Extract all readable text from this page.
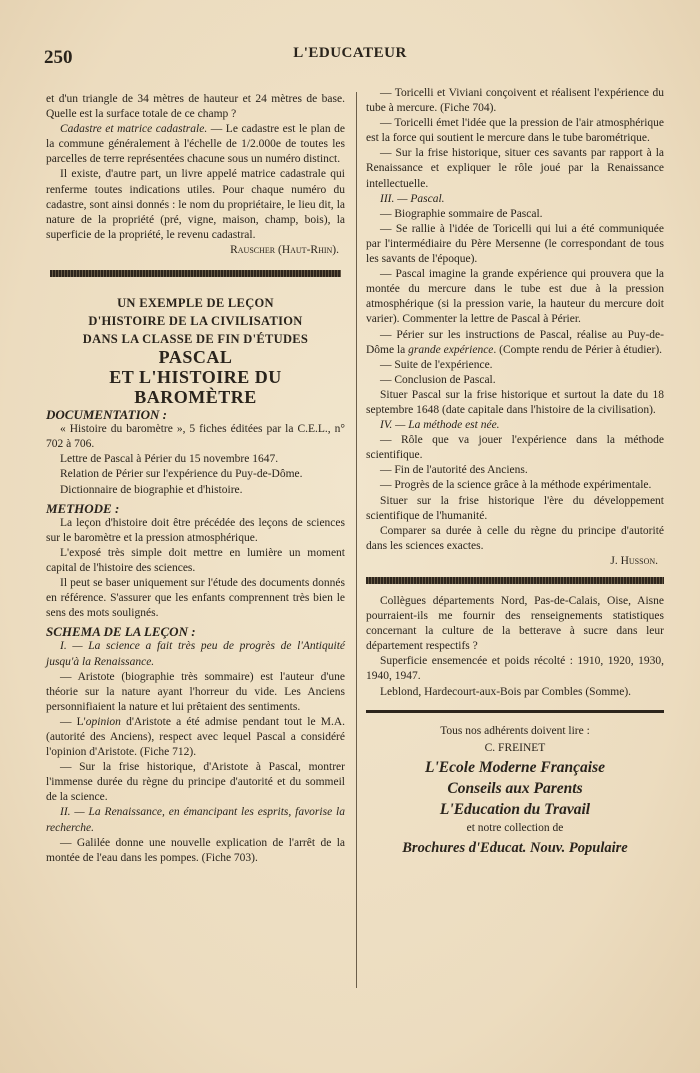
250	L'EDUCATEUR

et d'un triangle de 34 mètres de hauteur et 24 mètres de base. Quelle est la surface totale de ce champ ?

Cadastre et matrice cadastrale. — Le cadastre est le plan de la commune généralement à l'échelle de 1/2.000e de toutes les parcelles de terre représentées chacune sous un numéro distinct.

Il existe, d'autre part, un livre appelé matrice cadastrale qui renferme toutes indications utiles. Pour chaque numéro du cadastre, sont ainsi donnés : le nom du propriétaire, le lieu dit, la nature de la propriété (pré, vigne, maison, champ, bois), la superficie de la propriété, le revenu cadastral.

Rauscher (Haut-Rhin).

UN EXEMPLE DE LEÇON
D'HISTOIRE DE LA CIVILISATION
DANS LA CLASSE DE FIN D'ÉTUDES
PASCAL
ET L'HISTOIRE DU BAROMÈTRE

DOCUMENTATION :

« Histoire du baromètre », 5 fiches éditées par la C.E.L., n° 702 à 706.

Lettre de Pascal à Périer du 15 novembre 1647.

Relation de Périer sur l'expérience du Puy-de-Dôme.

Dictionnaire de biographie et d'histoire.

METHODE :

La leçon d'histoire doit être précédée des leçons de sciences sur le baromètre et la pression atmosphérique.

L'exposé très simple doit mettre en lumière un moment capital de l'histoire des sciences.

Il peut se baser uniquement sur l'étude des documents donnés en référence. S'assurer que les enfants comprennent très bien le sens des mots soulignés.

SCHEMA DE LA LEÇON :

I. — La science a fait très peu de progrès de l'Antiquité jusqu'à la Renaissance.

— Aristote (biographie très sommaire) est l'auteur d'une théorie sur la nature ayant l'horreur du vide. Les Anciens personnifiaient la nature et lui prêtaient des sentiments.

— L'opinion d'Aristote a été admise pendant tout le M.A. (autorité des Anciens), respect avec lequel Pascal a considéré l'opinion d'Aristote. (Fiche 712).

— Sur la frise historique, d'Aristote à Pascal, montrer l'immense durée du règne du principe d'autorité et du sommeil de la science.

II. — La Renaissance, en émancipant les esprits, favorise la recherche.

— Galilée donne une nouvelle explication de l'arrêt de la montée de l'eau dans les pompes. (Fiche 703).

— Toricelli et Viviani conçoivent et réalisent l'expérience du tube à mercure. (Fiche 704).

— Toricelli émet l'idée que la pression de l'air atmosphérique est la force qui soutient le mercure dans le tube barométrique.

— Sur la frise historique, situer ces savants par rapport à la Renaissance et expliquer le rôle joué par la Renaissance intellectuelle.

III. — Pascal.

— Biographie sommaire de Pascal.

— Se rallie à l'idée de Toricelli qui lui a été communiquée par l'intermédiaire du Père Mersenne (le correspondant de tous les savants de l'époque).

— Pascal imagine la grande expérience qui prouvera que la montée du mercure dans le tube est due à la pression atmosphérique (si la pression varie, la hauteur du mercure doit varier). Commenter la lettre de Pascal à Périer.

— Périer sur les instructions de Pascal, réalise au Puy-de-Dôme la grande expérience. (Compte rendu de Périer à étudier).

— Suite de l'expérience.

— Conclusion de Pascal.

Situer Pascal sur la frise historique et surtout la date du 18 septembre 1648 (date capitale dans l'histoire de la civilisation).

IV. — La méthode est née.

— Rôle que va jouer l'expérience dans la méthode scientifique.

— Fin de l'autorité des Anciens.

— Progrès de la science grâce à la méthode expérimentale.

Situer sur la frise historique l'ère du développement scientifique de l'humanité.

Comparer sa durée à celle du règne du principe d'autorité dans les sciences exactes.

J. Husson.

Collègues départements Nord, Pas-de-Calais, Oise, Aisne pourraient-ils me fournir des renseignements statistiques concernant la culture de la betterave à sucre dans leur département respectifs ?

Superficie ensemencée et poids récolté : 1910, 1920, 1930, 1940, 1947.

Leblond, Hardecourt-aux-Bois par Combles (Somme).

Tous nos adhérents doivent lire :
C. FREINET
L'Ecole Moderne Française
Conseils aux Parents
L'Education du Travail
et notre collection de
Brochures d'Educat. Nouv. Populaire
